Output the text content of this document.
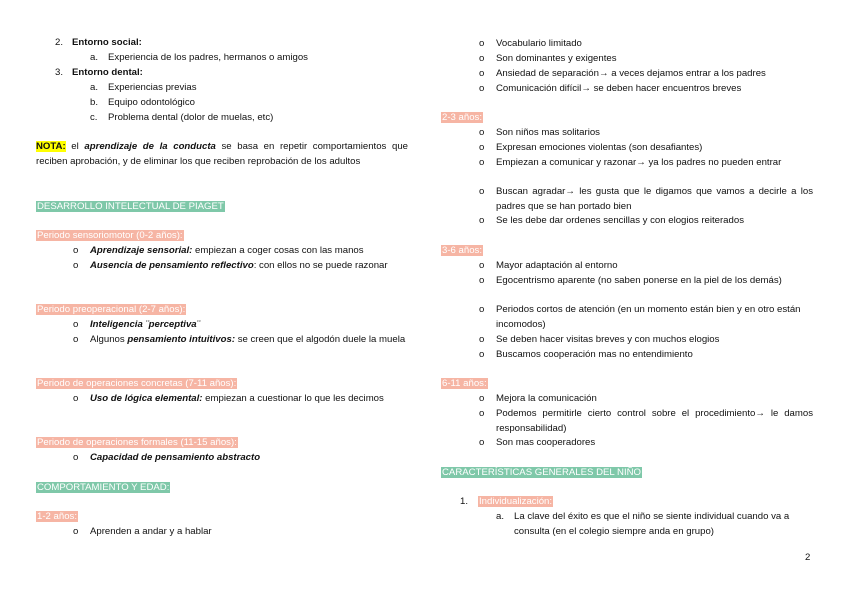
2. Entorno social:
a. Experiencia de los padres, hermanos o amigos
3. Entorno dental:
a. Experiencias previas
b. Equipo odontológico
c. Problema dental (dolor de muelas, etc)
NOTA: el aprendizaje de la conducta se basa en repetir comportamientos que reciben aprobación, y de eliminar los que reciben reprobación de los adultos
DESARROLLO INTELECTUAL DE PIAGET
Periodo sensoriomotor (0-2 años):
o Aprendizaje sensorial: empiezan a coger cosas con las manos
o Ausencia de pensamiento reflectivo: con ellos no se puede razonar
Periodo preoperacional (2-7 años):
o Inteligencia ¨perceptiva¨
o Algunos pensamiento intuitivos: se creen que el algodón duele la muela
Periodo de operaciones concretas (7-11 años):
o Uso de lógica elemental: empiezan a cuestionar lo que les decimos
Periodo de operaciones formales (11-15 años):
o Capacidad de pensamiento abstracto
COMPORTAMIENTO Y EDAD:
1-2 años:
o Aprenden a andar y a hablar
o Vocabulario limitado
o Son dominantes y exigentes
o Ansiedad de separación→ a veces dejamos entrar a los padres
o Comunicación difícil→ se deben hacer encuentros breves
2-3 años:
o Son niños mas solitarios
o Expresan emociones violentas (son desafiantes)
o Empiezan a comunicar y razonar→ ya los padres no pueden entrar
o Buscan agradar→ les gusta que le digamos que vamos a decirle a los padres que se han portado bien
o Se les debe dar ordenes sencillas y con elogios reiterados
3-6 años:
o Mayor adaptación al entorno
o Egocentrismo aparente (no saben ponerse en la piel de los demás)
o Periodos cortos de atención (en un momento están bien y en otro están incomodos)
o Se deben hacer visitas breves y con muchos elogios
o Buscamos cooperación mas no entendimiento
6-11 años:
o Mejora la comunicación
o Podemos permitirle cierto control sobre el procedimiento→ le damos responsabilidad)
o Son mas cooperadores
CARACTERÍSTICAS GENERALES DEL NIÑO
1. Individualización:
a. La clave del éxito es que el niño se siente individual cuando va a consulta (en el colegio siempre anda en grupo)
2
